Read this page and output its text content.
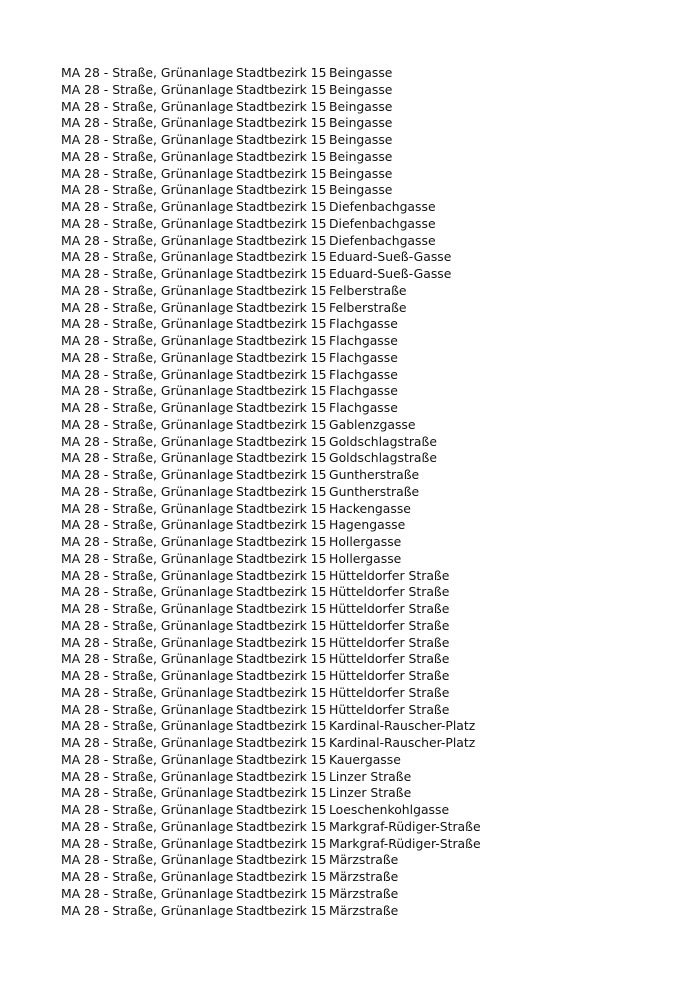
MA 28 - Straße, Grünanlage Stadtbezirk 15 Beingasse
MA 28 - Straße, Grünanlage Stadtbezirk 15 Beingasse
MA 28 - Straße, Grünanlage Stadtbezirk 15 Beingasse
MA 28 - Straße, Grünanlage Stadtbezirk 15 Beingasse
MA 28 - Straße, Grünanlage Stadtbezirk 15 Beingasse
MA 28 - Straße, Grünanlage Stadtbezirk 15 Beingasse
MA 28 - Straße, Grünanlage Stadtbezirk 15 Beingasse
MA 28 - Straße, Grünanlage Stadtbezirk 15 Beingasse
MA 28 - Straße, Grünanlage Stadtbezirk 15 Diefenbachgasse
MA 28 - Straße, Grünanlage Stadtbezirk 15 Diefenbachgasse
MA 28 - Straße, Grünanlage Stadtbezirk 15 Diefenbachgasse
MA 28 - Straße, Grünanlage Stadtbezirk 15 Eduard-Sueß-Gasse
MA 28 - Straße, Grünanlage Stadtbezirk 15 Eduard-Sueß-Gasse
MA 28 - Straße, Grünanlage Stadtbezirk 15 Felberstraße
MA 28 - Straße, Grünanlage Stadtbezirk 15 Felberstraße
MA 28 - Straße, Grünanlage Stadtbezirk 15 Flachgasse
MA 28 - Straße, Grünanlage Stadtbezirk 15 Flachgasse
MA 28 - Straße, Grünanlage Stadtbezirk 15 Flachgasse
MA 28 - Straße, Grünanlage Stadtbezirk 15 Flachgasse
MA 28 - Straße, Grünanlage Stadtbezirk 15 Flachgasse
MA 28 - Straße, Grünanlage Stadtbezirk 15 Flachgasse
MA 28 - Straße, Grünanlage Stadtbezirk 15 Gablenzgasse
MA 28 - Straße, Grünanlage Stadtbezirk 15 Goldschlagstraße
MA 28 - Straße, Grünanlage Stadtbezirk 15 Goldschlagstraße
MA 28 - Straße, Grünanlage Stadtbezirk 15 Guntherstraße
MA 28 - Straße, Grünanlage Stadtbezirk 15 Guntherstraße
MA 28 - Straße, Grünanlage Stadtbezirk 15 Hackengasse
MA 28 - Straße, Grünanlage Stadtbezirk 15 Hagengasse
MA 28 - Straße, Grünanlage Stadtbezirk 15 Hollergasse
MA 28 - Straße, Grünanlage Stadtbezirk 15 Hollergasse
MA 28 - Straße, Grünanlage Stadtbezirk 15 Hütteldorfer Straße
MA 28 - Straße, Grünanlage Stadtbezirk 15 Hütteldorfer Straße
MA 28 - Straße, Grünanlage Stadtbezirk 15 Hütteldorfer Straße
MA 28 - Straße, Grünanlage Stadtbezirk 15 Hütteldorfer Straße
MA 28 - Straße, Grünanlage Stadtbezirk 15 Hütteldorfer Straße
MA 28 - Straße, Grünanlage Stadtbezirk 15 Hütteldorfer Straße
MA 28 - Straße, Grünanlage Stadtbezirk 15 Hütteldorfer Straße
MA 28 - Straße, Grünanlage Stadtbezirk 15 Hütteldorfer Straße
MA 28 - Straße, Grünanlage Stadtbezirk 15 Hütteldorfer Straße
MA 28 - Straße, Grünanlage Stadtbezirk 15 Kardinal-Rauscher-Platz
MA 28 - Straße, Grünanlage Stadtbezirk 15 Kardinal-Rauscher-Platz
MA 28 - Straße, Grünanlage Stadtbezirk 15 Kauergasse
MA 28 - Straße, Grünanlage Stadtbezirk 15 Linzer Straße
MA 28 - Straße, Grünanlage Stadtbezirk 15 Linzer Straße
MA 28 - Straße, Grünanlage Stadtbezirk 15 Loeschenkohlgasse
MA 28 - Straße, Grünanlage Stadtbezirk 15 Markgraf-Rüdiger-Straße
MA 28 - Straße, Grünanlage Stadtbezirk 15 Markgraf-Rüdiger-Straße
MA 28 - Straße, Grünanlage Stadtbezirk 15 Märzstraße
MA 28 - Straße, Grünanlage Stadtbezirk 15 Märzstraße
MA 28 - Straße, Grünanlage Stadtbezirk 15 Märzstraße
MA 28 - Straße, Grünanlage Stadtbezirk 15 Märzstraße
